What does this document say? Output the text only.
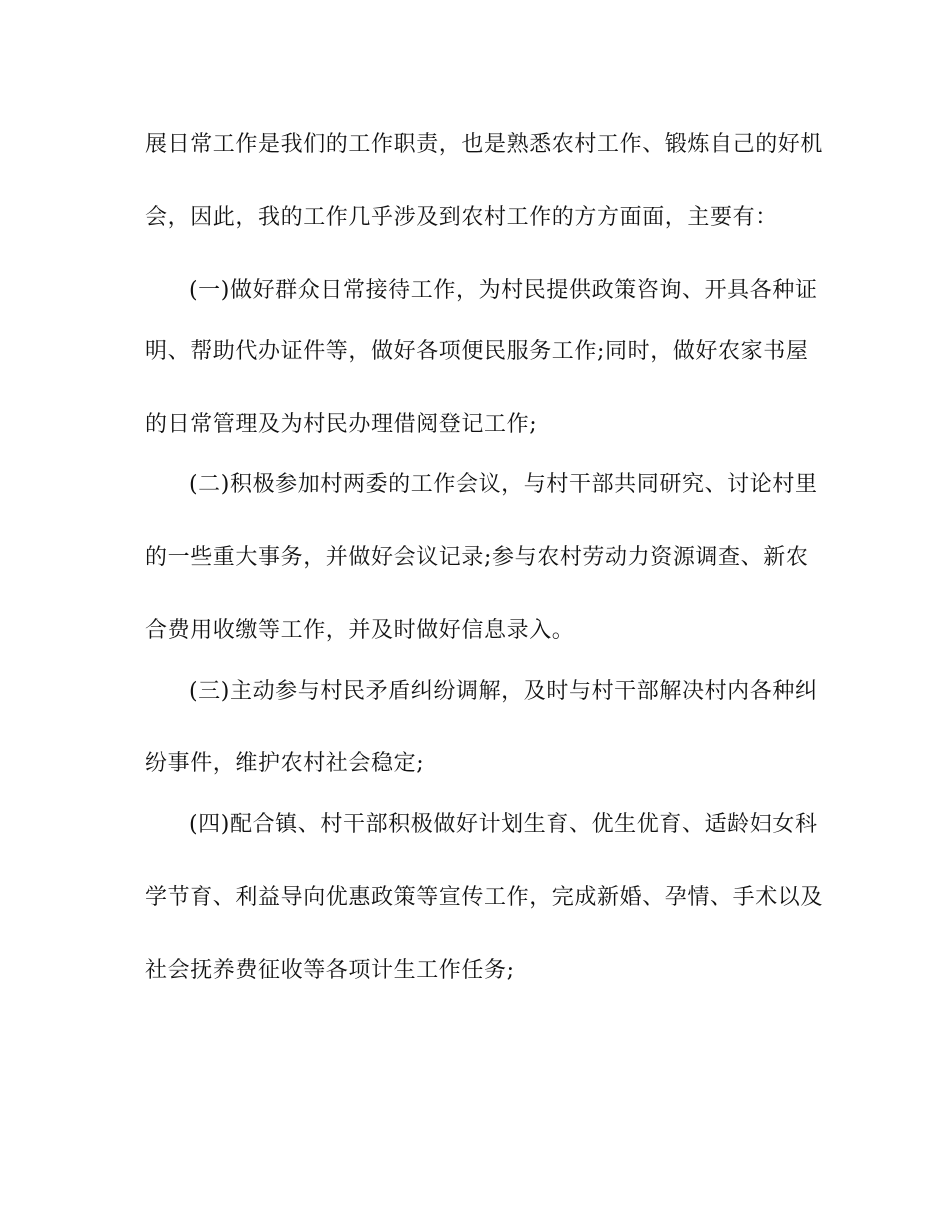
展日常工作是我们的工作职责，也是熟悉农村工作、锻炼自己的好机
会，因此，我的工作几乎涉及到农村工作的方方面面，主要有：
(一)做好群众日常接待工作，为村民提供政策咨询、开具各种证
明、帮助代办证件等，做好各项便民服务工作;同时，做好农家书屋
的日常管理及为村民办理借阅登记工作;
(二)积极参加村两委的工作会议，与村干部共同研究、讨论村里
的一些重大事务，并做好会议记录;参与农村劳动力资源调查、新农
合费用收缴等工作，并及时做好信息录入。
(三)主动参与村民矛盾纠纷调解，及时与村干部解决村内各种纠
纷事件，维护农村社会稳定;
(四)配合镇、村干部积极做好计划生育、优生优育、适龄妇女科
学节育、利益导向优惠政策等宣传工作，完成新婚、孕情、手术以及
社会抚养费征收等各项计生工作任务;
